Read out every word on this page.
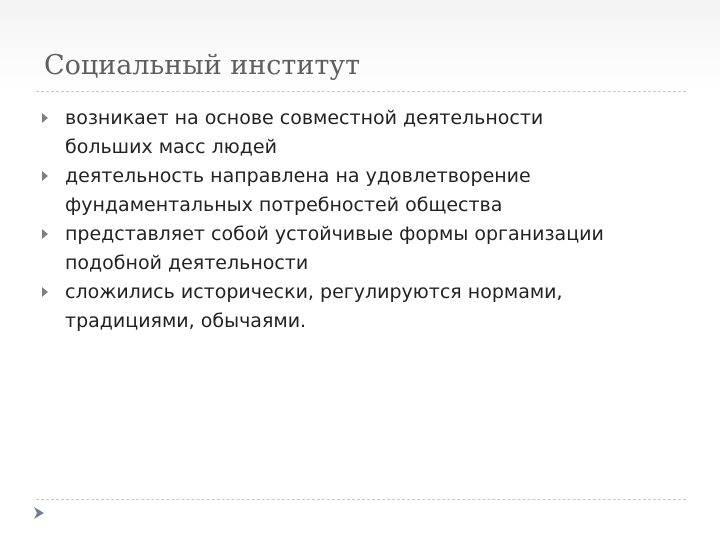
Социальный институт
возникает на основе совместной деятельности
больших масс людей
деятельность направлена на удовлетворение
фундаментальных потребностей общества
представляет собой устойчивые формы организации
подобной деятельности
сложились исторически, регулируются нормами,
традициями, обычаями.
